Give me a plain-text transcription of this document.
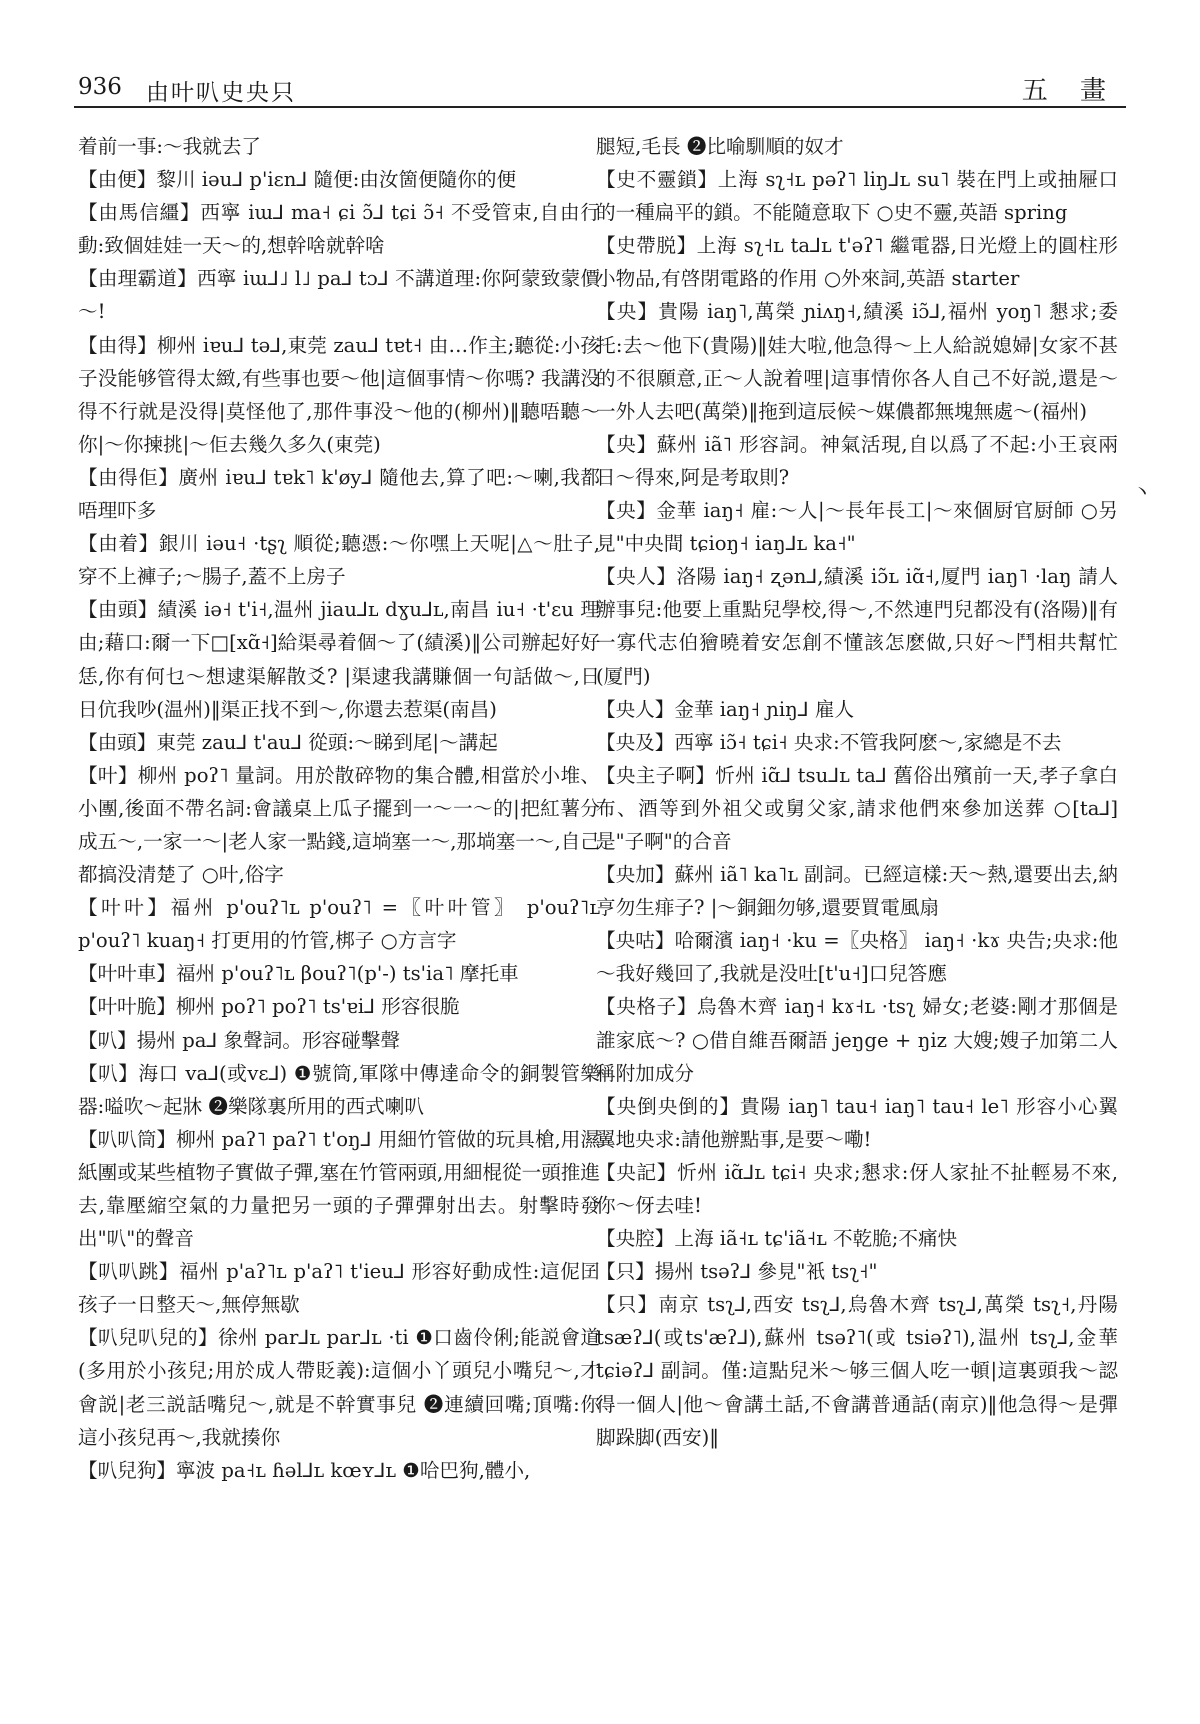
936 由叶叭史央只	五 畫

着前一事:～我就去了

【由便】黎川 iəu⅃ p'iɛn⅃ 隨便:由汝箇便隨你的便

【由馬信繮】西寧 iɯ⅃ ma˧ ɕi ɔ̃⅃ tɕi ɔ̃˧ 不受管束,自由行動:致個娃娃一天～的,想幹啥就幹啥

【由理霸道】西寧 iɯ⅃˩ l˩ pa⅃ tɔ⅃ 不講道理:你阿蒙致蒙價～!

【由得】柳州 iɐu⅃ tə⅃,東莞 zau⅃ tɐt˧ 由…作主;聽從:小孩子没能够管得太緻,有些事也要～他|這個事情～你嗎? 我講没得不行就是没得|莫怪他了,那件事没～他的(柳州)‖聽唔聽～你|～你揀挑|～佢去幾久多久(東莞)

【由得佢】廣州 iɐu⅃ tɐk˥ k'øy⅃ 隨他去,算了吧:～喇,我都唔理吓多

【由着】銀川 iəu˧ ·tʂʅ 順從;聽憑:～你嘿上天呢|△～肚子,穿不上褲子;～腸子,蓋不上房子

【由頭】績溪 iə˧ t'i˧,温州 jiau⅃ʟ dɣu⅃ʟ,南昌 iu˧ ·t'ɛu 理由;藉口:爾一下□[xɑ̃˧]給渠尋着個～了(績溪)‖公司辦起好好恁,你有何乜～想逮渠解散爻? |渠逮我講賺個一句話做～,日日伉我吵(温州)‖渠正找不到～,你還去惹渠(南昌)

【由頭】東莞 zau⅃ t'au⅃ 從頭:～睇到尾|～講起

【叶】柳州 poʔ˥ 量詞。用於散碎物的集合體,相當於小堆、小團,後面不帶名詞:會議桌上瓜子擺到一～一～的|把紅薯分成五～,一家一～|老人家一點錢,這埫塞一～,那埫塞一～,自己都搞没清楚了 ○叶,俗字

【叶叶】福州 p'ouʔ˥ʟ p'ouʔ˥ =〖叶叶管〗 p'ouʔ˥ʟ p'ouʔ˥ kuaŋ˧ 打更用的竹管,梆子 ○方言字

【叶叶車】福州 p'ouʔ˥ʟ βouʔ˥(p'-) ts'ia˥ 摩托車

【叶叶脆】柳州 poʔ˥ poʔ˥ ts'ɐi⅃ 形容很脆

【叭】揚州 pa⅃ 象聲詞。形容碰擊聲

【叭】海口 va⅃(或vɛ⅃) ❶號筒,軍隊中傳達命令的銅製管樂器:嗌吹～起牀 ❷樂隊裏所用的西式喇叭

【叭叭筒】柳州 paʔ˥ paʔ˥ t'oŋ⅃ 用細竹管做的玩具槍,用濕紙團或某些植物子實做子彈,塞在竹管兩頭,用細棍從一頭推進去,靠壓縮空氣的力量把另一頭的子彈彈射出去。射擊時發出"叭"的聲音

【叭叭跳】福州 p'aʔ˥ʟ p'aʔ˥ t'ieu⅃ 形容好動成性:這伲囝孩子一日整天～,無停無歇

【叭兒叭兒的】徐州 par⅃ʟ par⅃ʟ ·ti ❶口齒伶俐;能説會道(多用於小孩兒;用於成人帶貶義):這個小丫頭兒小嘴兒～,才會説|老三説話嘴兒～,就是不幹實事兒 ❷連續回嘴;頂嘴:你這小孩兒再～,我就揍你

【叭兒狗】寧波 pa˧ʟ ɦəl⅃ʟ kœʏ⅃ʟ ❶哈巴狗,體小,

腿短,毛長 ❷比喻馴順的奴才

【史不靈鎖】上海 sʅ˧ʟ pəʔ˥ liŋ⅃ʟ su˥ 裝在門上或抽屜口的一種扁平的鎖。不能隨意取下 ○史不靈,英語 spring

【史帶脱】上海 sʅ˧ʟ ta⅃ʟ t'əʔ˥ 繼電器,日光燈上的圓柱形小物品,有啓閉電路的作用 ○外來詞,英語 starter

【央】貴陽 iaŋ˥,萬榮 ɲiʌŋ˧,績溪 iɔ̃⅃,福州 yoŋ˥ 懇求;委托:去～他下(貴陽)‖娃大啦,他急得～上人給説媳婦|女家不甚的不很願意,正～人說着哩|這事情你各人自己不好説,還是～一外人去吧(萬榮)‖拖到這辰候～媒儂都無塊無處～(福州)

【央】蘇州 iã˥ 形容詞。神氣活現,自以爲了不起:小王哀兩日～得來,阿是考取則?

【央】金華 iaŋ˧ 雇:～人|～長年長工|～來個厨官厨師 ○另見"中央間 tɕioŋ˧ iaŋ⅃ʟ ka˧"

【央人】洛陽 iaŋ˧ ʐən⅃,績溪 iɔ̃ʟ iɑ̃˧,厦門 iaŋ˥ ·laŋ 請人辦事兒:他要上重點兒學校,得～,不然連門兒都没有(洛陽)‖有一寡代志伯獪曉着安怎創不懂該怎麽做,只好～鬥相共幫忙(厦門)

【央人】金華 iaŋ˧ ɲiŋ⅃ 雇人

【央及】西寧 iɔ̃˧ tɕi˧ 央求:不管我阿麽～,家總是不去

【央主子啊】忻州 iɑ̃⅃ tsu⅃ʟ ta⅃ 舊俗出殯前一天,孝子拿白布、酒等到外祖父或舅父家,請求他們來參加送葬 ○[ta⅃]是"子啊"的合音

【央加】蘇州 iã˥ ka˥ʟ 副詞。已經這樣:天～熱,還要出去,納亨勿生痱子? |～銅鈿勿够,還要買電風扇

【央咕】哈爾濱 iaŋ˧ ·ku =〖央格〗 iaŋ˧ ·kɤ 央告;央求:他～我好幾回了,我就是没吐[t'u˧]口兒答應

【央格子】烏魯木齊 iaŋ˧ kɤ˧ʟ ·tsʅ 婦女;老婆:剛才那個是誰家底～? ○借自維吾爾語 jeŋge + ŋiz 大嫂;嫂子加第二人稱附加成分

【央倒央倒的】貴陽 iaŋ˥ tau˧ iaŋ˥ tau˧ le˥ 形容小心翼翼地央求:請他辦點事,是要～嘞!

【央記】忻州 iɑ̃⅃ʟ tɕi˧ 央求;懇求:伢人家扯不扯輕易不來,你～伢去哇!

【央腔】上海 iã˧ʟ tɕ'iã˧ʟ 不乾脆;不痛快

【只】揚州 tsəʔ⅃ 參見"衹 tsʅ˧"

【只】南京 tsʅ⅃,西安 tsʅ⅃,烏魯木齊 tsʅ⅃,萬榮 tsʅ˧,丹陽 tsæʔ⅃(或ts'æʔ⅃),蘇州 tsəʔ˥(或 tsiəʔ˥),温州 tsʅ⅃,金華 tɕiəʔ⅃ 副詞。僅:這點兒米～够三個人吃一頓|這裏頭我～認得一個人|他～會講土話,不會講普通話(南京)‖他急得～是彈脚跺脚(西安)‖

丶
